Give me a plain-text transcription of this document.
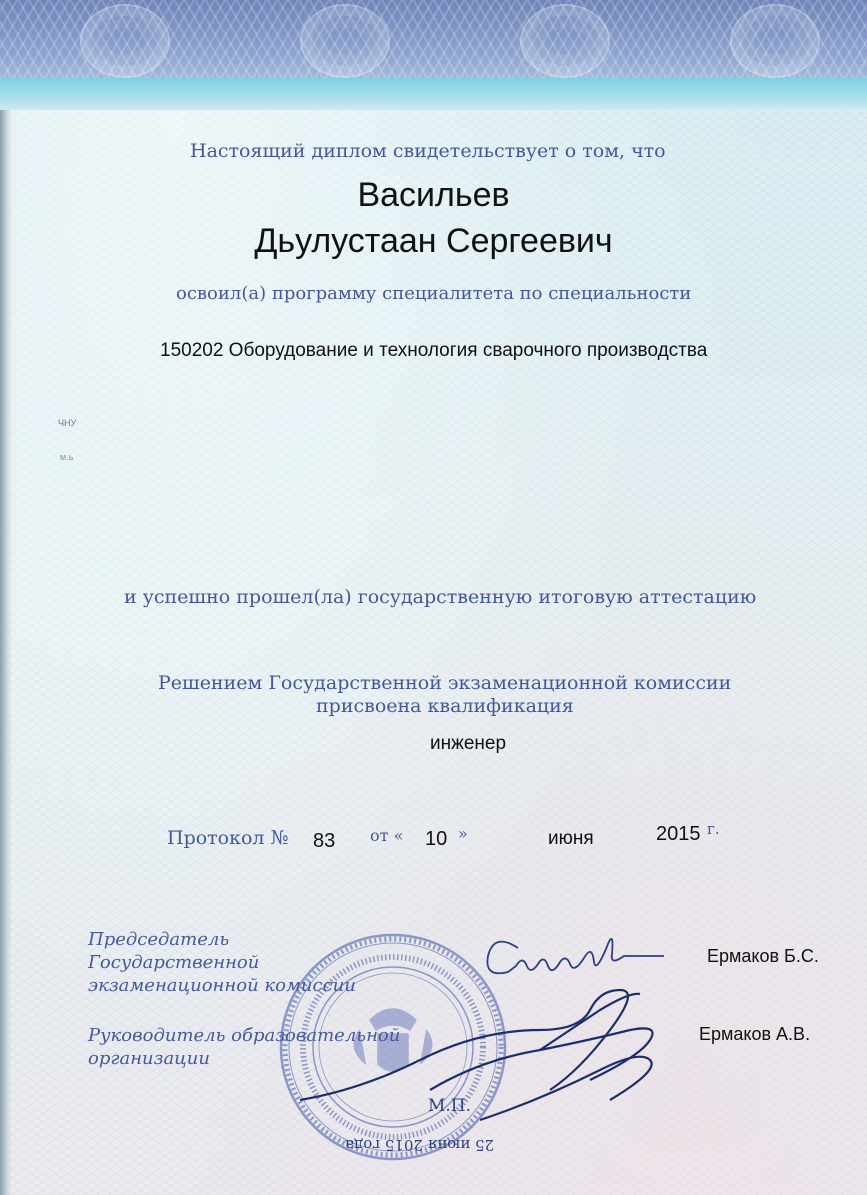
Настоящий диплом свидетельствует о том, что
Васильев
Дьулустаан Сергеевич
освоил(а) программу специалитета по специальности
150202 Оборудование и технология сварочного производства
ЧНУ
м.ь
и успешно прошел(ла) государственную итоговую аттестацию
Решением Государственной экзаменационной комиссии
присвоена квалификация
инженер
Протокол № 83 от « 10 »	июня	2015 г.
Председатель Государственной экзаменационной комиссии
Ермаков Б.С.
Руководитель образовательной организации
Ермаков А.В.
М.П.
25 июня 2015 года
